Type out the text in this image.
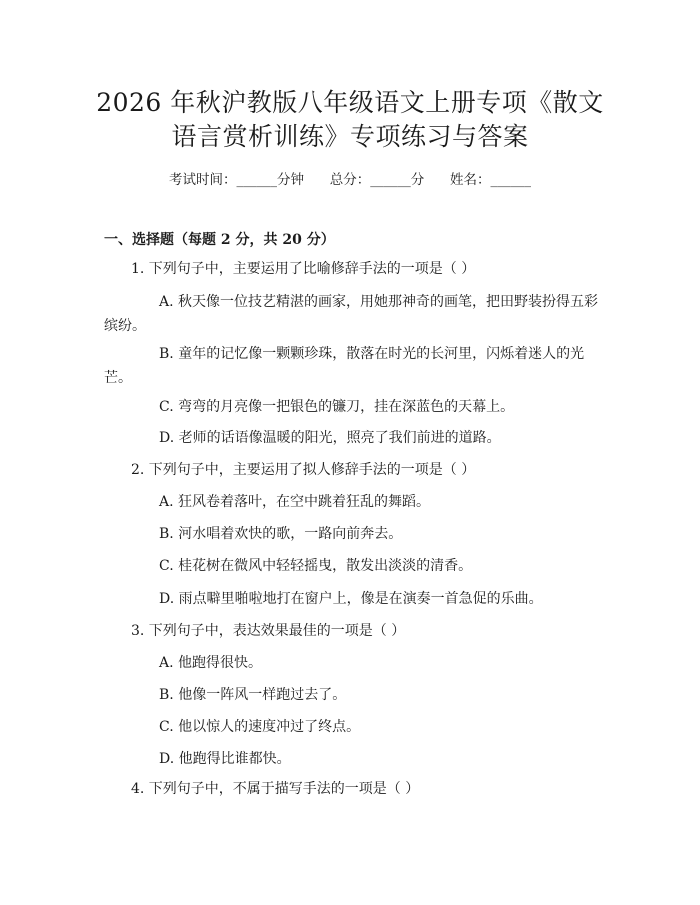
2026 年秋沪教版八年级语文上册专项《散文
语言赏析训练》专项练习与答案
考试时间：______分钟      总分：______分      姓名：______
一、选择题（每题 2 分，共 20 分）
1. 下列句子中，主要运用了比喻修辞手法的一项是（ ）
A. 秋天像一位技艺精湛的画家，用她那神奇的画笔，把田野装扮得五彩
缤纷。
B. 童年的记忆像一颗颗珍珠，散落在时光的长河里，闪烁着迷人的光
芒。
C. 弯弯的月亮像一把银色的镰刀，挂在深蓝色的天幕上。
D. 老师的话语像温暖的阳光，照亮了我们前进的道路。
2. 下列句子中，主要运用了拟人修辞手法的一项是（ ）
A. 狂风卷着落叶，在空中跳着狂乱的舞蹈。
B. 河水唱着欢快的歌，一路向前奔去。
C. 桂花树在微风中轻轻摇曳，散发出淡淡的清香。
D. 雨点噼里啪啦地打在窗户上，像是在演奏一首急促的乐曲。
3. 下列句子中，表达效果最佳的一项是（ ）
A. 他跑得很快。
B. 他像一阵风一样跑过去了。
C. 他以惊人的速度冲过了终点。
D. 他跑得比谁都快。
4. 下列句子中，不属于描写手法的一项是（ ）
